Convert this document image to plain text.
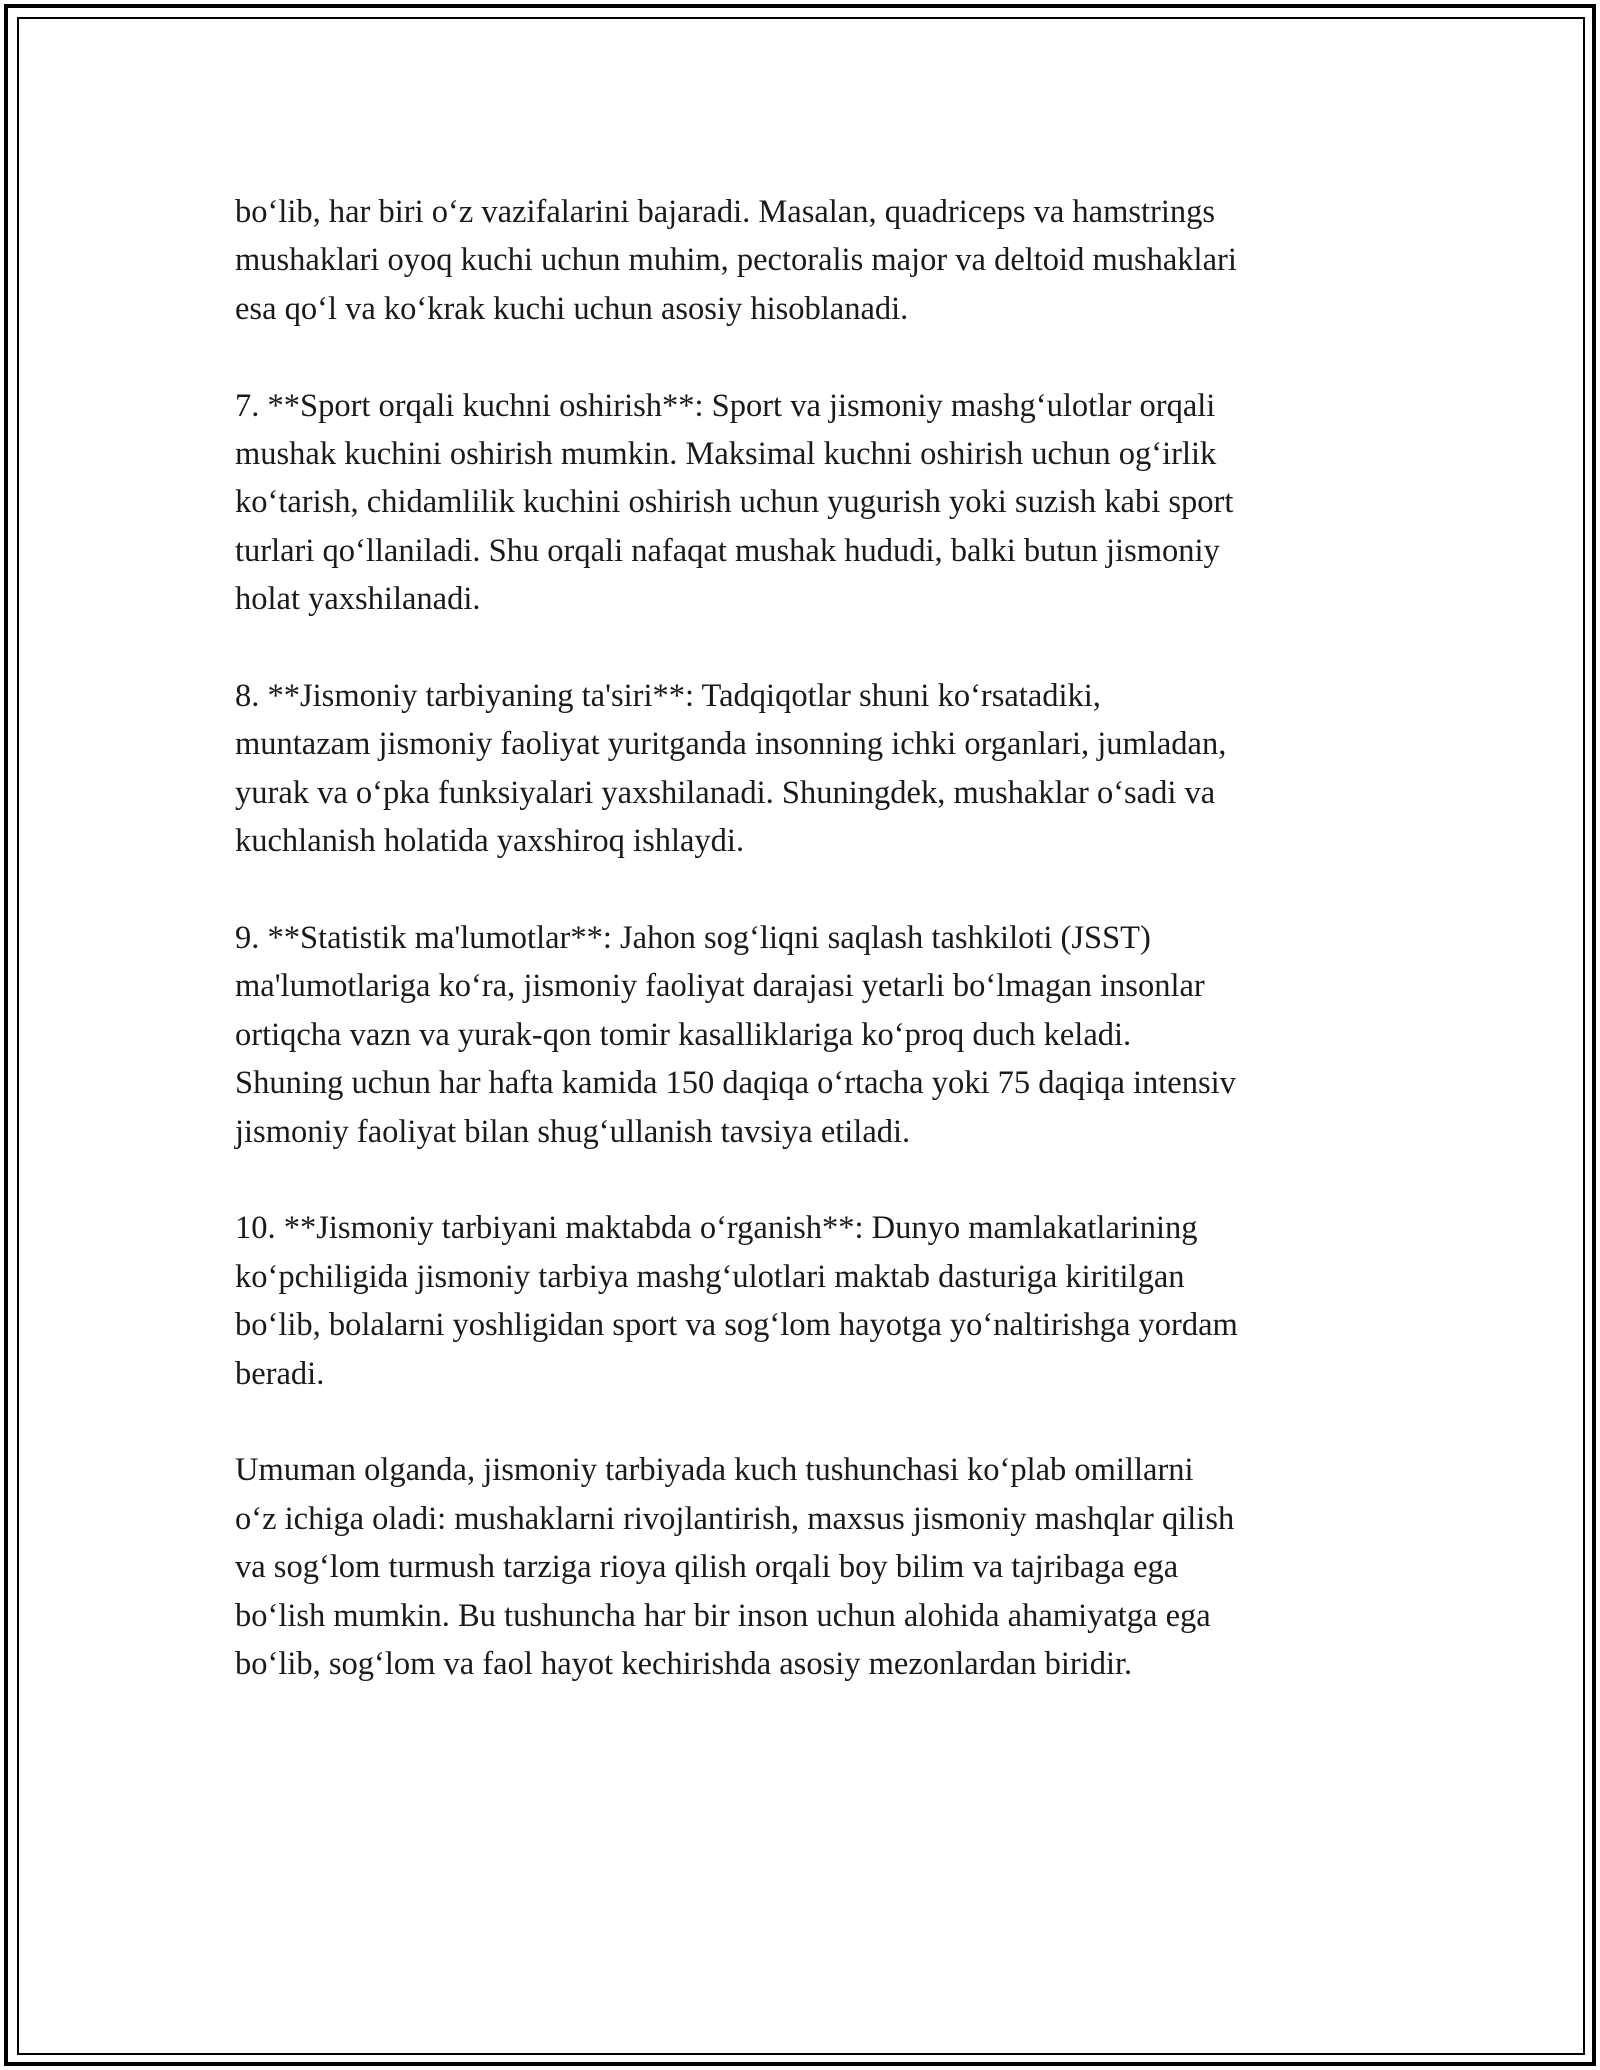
bo‘lib, har biri o‘z vazifalarini bajaradi. Masalan, quadriceps va hamstrings
mushaklari oyoq kuchi uchun muhim, pectoralis major va deltoid mushaklari
esa qo‘l va ko‘krak kuchi uchun asosiy hisoblanadi.

7. **Sport orqali kuchni oshirish**: Sport va jismoniy mashg‘ulotlar orqali
mushak kuchini oshirish mumkin. Maksimal kuchni oshirish uchun og‘irlik
ko‘tarish, chidamlilik kuchini oshirish uchun yugurish yoki suzish kabi sport
turlari qo‘llaniladi. Shu orqali nafaqat mushak hududi, balki butun jismoniy
holat yaxshilanadi.

8. **Jismoniy tarbiyaning ta'siri**: Tadqiqotlar shuni ko‘rsatadiki,
muntazam jismoniy faoliyat yuritganda insonning ichki organlari, jumladan,
yurak va o‘pka funksiyalari yaxshilanadi. Shuningdek, mushaklar o‘sadi va
kuchlanish holatida yaxshiroq ishlaydi.

9. **Statistik ma'lumotlar**: Jahon sog‘liqni saqlash tashkiloti (JSST)
ma'lumotlariga ko‘ra, jismoniy faoliyat darajasi yetarli bo‘lmagan insonlar
ortiqcha vazn va yurak-qon tomir kasalliklariga ko‘proq duch keladi.
Shuning uchun har hafta kamida 150 daqiqa o‘rtacha yoki 75 daqiqa intensiv
jismoniy faoliyat bilan shug‘ullanish tavsiya etiladi.

10. **Jismoniy tarbiyani maktabda o‘rganish**: Dunyo mamlakatlarining
ko‘pchiligida jismoniy tarbiya mashg‘ulotlari maktab dasturiga kiritilgan
bo‘lib, bolalarni yoshligidan sport va sog‘lom hayotga yo‘naltirishga yordam
beradi.

Umuman olganda, jismoniy tarbiyada kuch tushunchasi ko‘plab omillarni
o‘z ichiga oladi: mushaklarni rivojlantirish, maxsus jismoniy mashqlar qilish
va sog‘lom turmush tarziga rioya qilish orqali boy bilim va tajribaga ega
bo‘lish mumkin. Bu tushuncha har bir inson uchun alohida ahamiyatga ega
bo‘lib, sog‘lom va faol hayot kechirishda asosiy mezonlardan biridir.
